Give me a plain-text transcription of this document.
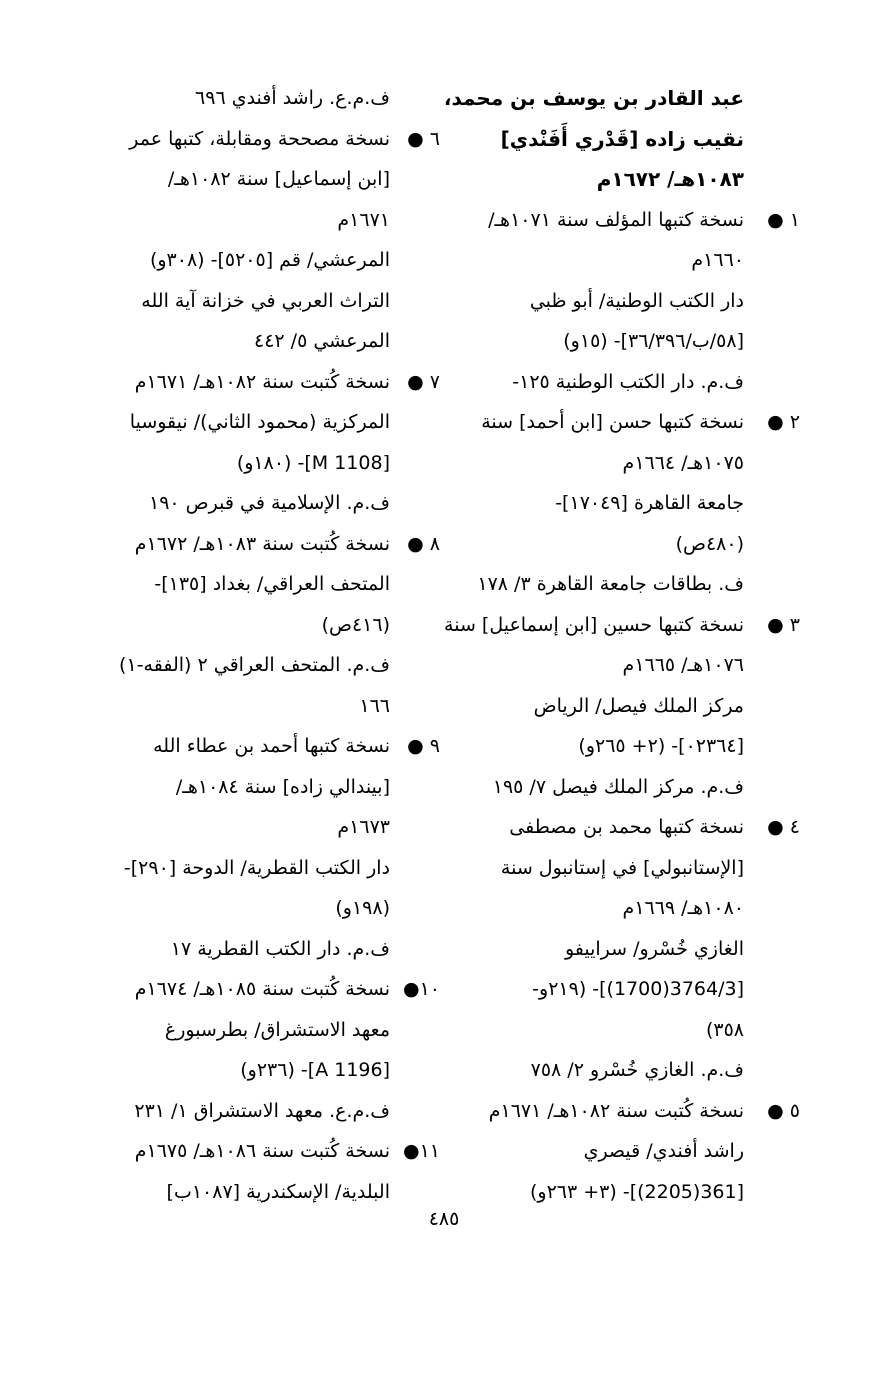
عبد القادر بن يوسف بن محمد،
نقيب زاده [قَدْري أَفَنْدي]
١٠٨٣هـ/ ١٦٧٢م
١ ●
نسخة كتبها المؤلف سنة ١٠٧١هـ/
١٦٦٠م
دار الكتب الوطنية/ أبو ظبي
[٥٨/ب/٣٦/٣٩٦]- (١٥و)
ف.م. دار الكتب الوطنية ١٢٥-
٢ ●
نسخة كتبها حسن [ابن أحمد] سنة
١٠٧٥هـ/ ١٦٦٤م
جامعة القاهرة [١٧٠٤٩]-
(٤٨٠ص)
ف. بطاقات جامعة القاهرة ٣/ ١٧٨
٣ ●
نسخة كتبها حسين [ابن إسماعيل] سنة
١٠٧٦هـ/ ١٦٦٥م
مركز الملك فيصل/ الرياض
[٠٢٣٦٤]- (٢+ ٢٦٥و)
ف.م. مركز الملك فيصل ٧/ ١٩٥
٤ ●
نسخة كتبها محمد بن مصطفى
[الإستانبولي] في إستانبول سنة
١٠٨٠هـ/ ١٦٦٩م
الغازي خُسْرو/ سراييفو
[3764/3(1700)]- (٢١٩و-
٣٥٨)
ف.م. الغازي خُسْرو ٢/ ٧٥٨
٥ ●
نسخة كُتبت سنة ١٠٨٢هـ/ ١٦٧١م
راشد أفندي/ قيصري
[361(2205)]- (٣+ ٢٦٣و)
ف.م.ع. راشد أفندي ٦٩٦
٦ ●
نسخة مصححة ومقابلة، كتبها عمر
[ابن إسماعيل] سنة ١٠٨٢هـ/
١٦٧١م
المرعشي/ قم [٥٢٠٥]- (٣٠٨و)
التراث العربي في خزانة آية الله
المرعشي ٥/ ٤٤٢
٧ ●
نسخة كُتبت سنة ١٠٨٢هـ/ ١٦٧١م
المركزية (محمود الثاني)/ نيقوسيا
[M 1108]- (١٨٠و)
ف.م. الإسلامية في قبرص ١٩٠
٨ ●
نسخة كُتبت سنة ١٠٨٣هـ/ ١٦٧٢م
المتحف العراقي/ بغداد [١٣٥]-
(٤١٦ص)
ف.م. المتحف العراقي ٢ (الفقه-١)
١٦٦
٩ ●
نسخة كتبها أحمد بن عطاء الله
[بيندالي زاده] سنة ١٠٨٤هـ/
١٦٧٣م
دار الكتب القطرية/ الدوحة [٢٩٠]-
(١٩٨و)
ف.م. دار الكتب القطرية ١٧
١٠●
نسخة كُتبت سنة ١٠٨٥هـ/ ١٦٧٤م
معهد الاستشراق/ بطرسبورغ
[A 1196]- (٢٣٦و)
ف.م.ع. معهد الاستشراق ١/ ٢٣١
١١●
نسخة كُتبت سنة ١٠٨٦هـ/ ١٦٧٥م
البلدية/ الإسكندرية [١٠٨٧ب]
٤٨٥
